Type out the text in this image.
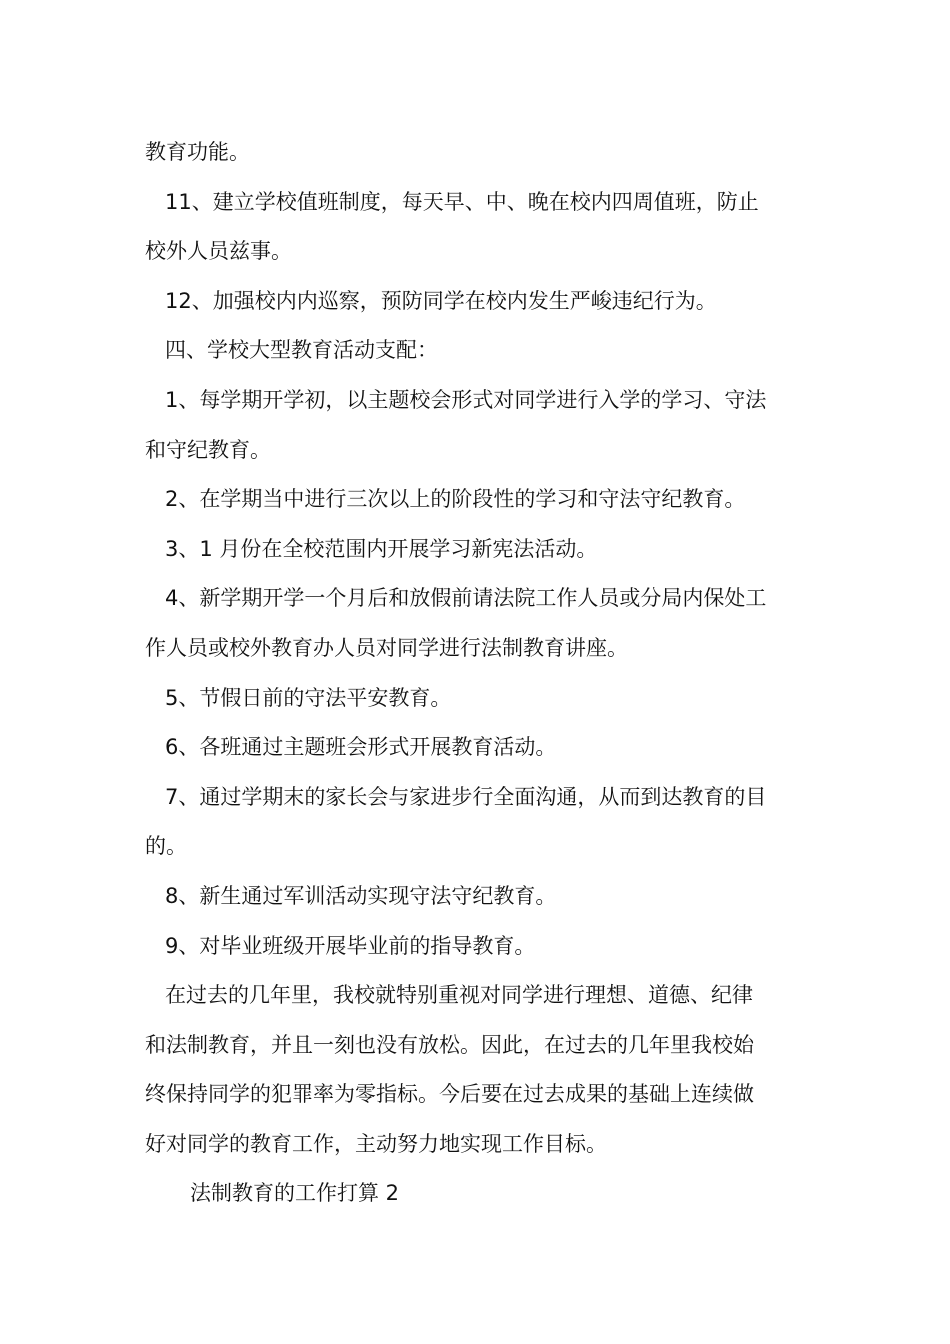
教育功能。
11、建立学校值班制度，每天早、中、晚在校内四周值班，防止
校外人员兹事。
12、加强校内内巡察，预防同学在校内发生严峻违纪行为。
四、学校大型教育活动支配：
1、每学期开学初，以主题校会形式对同学进行入学的学习、守法
和守纪教育。
2、在学期当中进行三次以上的阶段性的学习和守法守纪教育。
3、1 月份在全校范围内开展学习新宪法活动。
4、新学期开学一个月后和放假前请法院工作人员或分局内保处工
作人员或校外教育办人员对同学进行法制教育讲座。
5、节假日前的守法平安教育。
6、各班通过主题班会形式开展教育活动。
7、通过学期末的家长会与家进步行全面沟通，从而到达教育的目
的。
8、新生通过军训活动实现守法守纪教育。
9、对毕业班级开展毕业前的指导教育。
在过去的几年里，我校就特别重视对同学进行理想、道德、纪律
和法制教育，并且一刻也没有放松。因此，在过去的几年里我校始
终保持同学的犯罪率为零指标。今后要在过去成果的基础上连续做
好对同学的教育工作，主动努力地实现工作目标。
法制教育的工作打算 2
